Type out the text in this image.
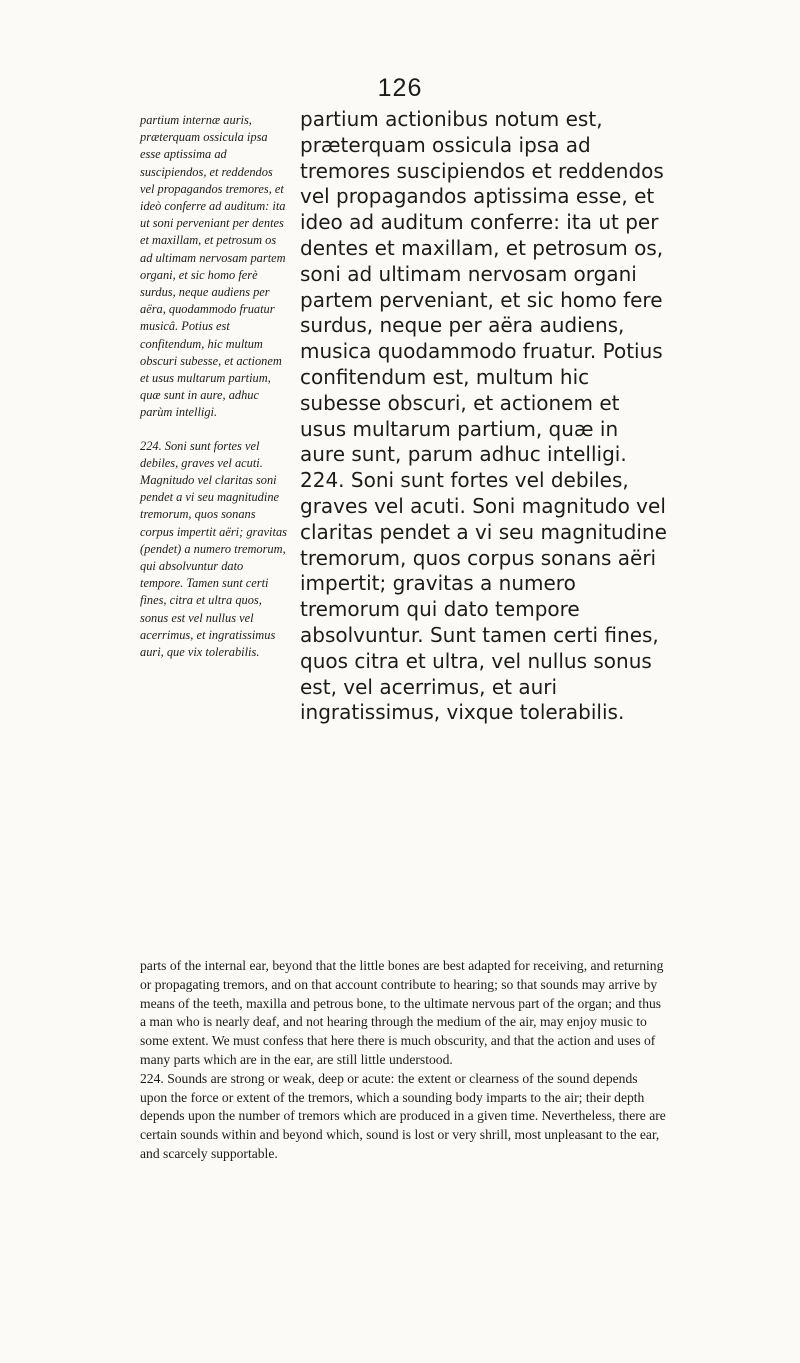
126

partium internæ auris, præterquam ossicula ipsa esse aptissima ad suscipiendos, et reddendos vel propagandos tremores, et ideò conferre ad auditum: ita ut soni perveniant per dentes et maxillam, et petrosum os ad ultimam nervosam partem organi, et sic homo ferè surdus, neque audiens per aëra, quodammodo fruatur musicâ. Potius est confitendum, hic multum obscuri subesse, et actionem et usus multarum partium, quæ sunt in aure, adhuc parùm intelligi.

224. Soni sunt fortes vel debiles, graves vel acuti. Magnitudo vel claritas soni pendet a vi seu magnitudine tremorum, quos sonans corpus impertit aëri; gravitas (pendet) a numero tremorum, qui absolvuntur dato tempore. Tamen sunt certi fines, citra et ultra quos, sonus est vel nullus vel acerrimus, et ingratissimus auri, que vix tolerabilis.

partium actionibus notum est, præterquam ossicula ipsa ad tremores suscipiendos et reddendos vel propagandos aptissima esse, et ideo ad auditum conferre: ita ut per dentes et maxillam, et petrosum os, soni ad ultimam nervosam organi partem perveniant, et sic homo fere surdus, neque per aëra audiens, musica quodammodo fruatur. Potius confitendum est, multum hic subesse obscuri, et actionem et usus multarum partium, quæ in aure sunt, parum adhuc intelligi.

224. Soni sunt fortes vel debiles, graves vel acuti. Soni magnitudo vel claritas pendet a vi seu magnitudine tremorum, quos corpus sonans aëri impertit; gravitas a numero tremorum qui dato tempore absolvuntur. Sunt tamen certi fines, quos citra et ultra, vel nullus sonus est, vel acerrimus, et auri ingratissimus, vixque tolerabilis.

parts of the internal ear, beyond that the little bones are best adapted for receiving, and returning or propagating tremors, and on that account contribute to hearing; so that sounds may arrive by means of the teeth, maxilla and petrous bone, to the ultimate nervous part of the organ; and thus a man who is nearly deaf, and not hearing through the medium of the air, may enjoy music to some extent. We must confess that here there is much obscurity, and that the action and uses of many parts which are in the ear, are still little understood.

224. Sounds are strong or weak, deep or acute: the extent or clearness of the sound depends upon the force or extent of the tremors, which a sounding body imparts to the air; their depth depends upon the number of tremors which are produced in a given time. Nevertheless, there are certain sounds within and beyond which, sound is lost or very shrill, most unpleasant to the ear, and scarcely supportable.
